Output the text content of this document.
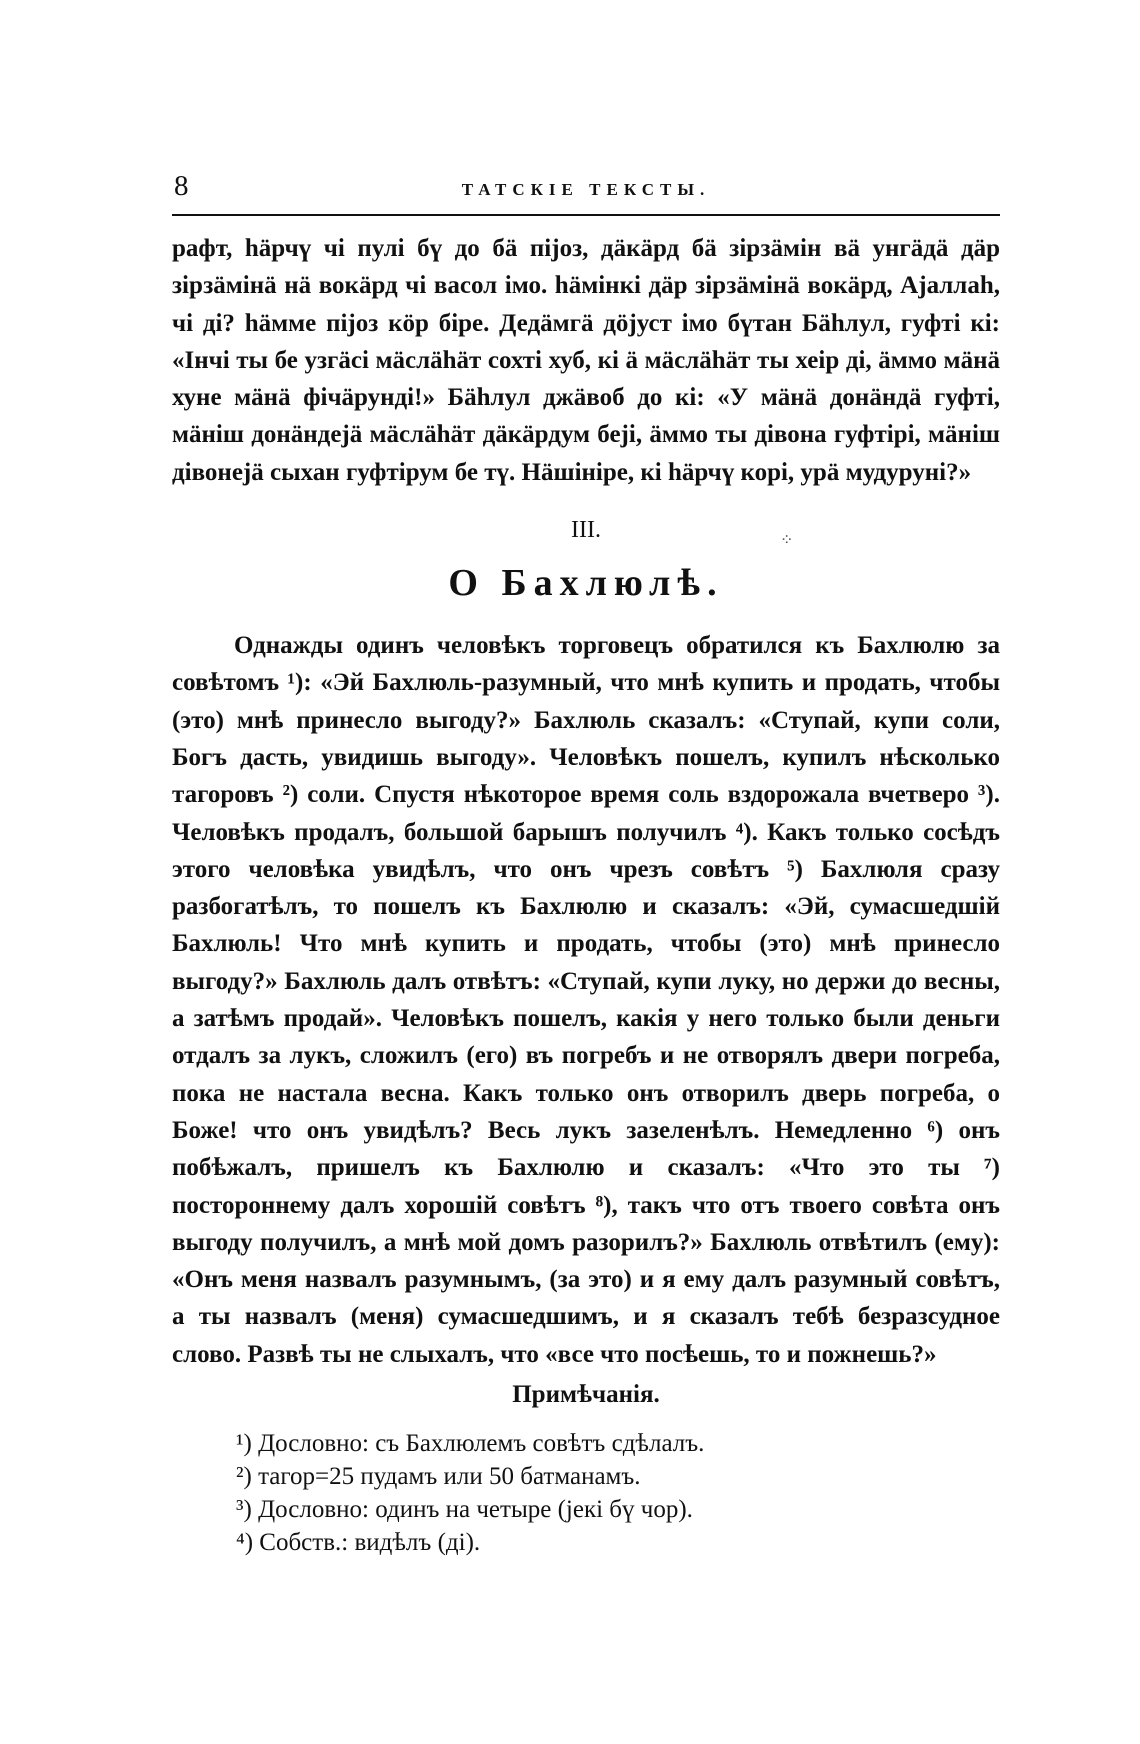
8	ТАТСКІЕ ТЕКСТЫ.

рафт, һӓрчү чі пулі бү до бӓ пijоз, дӓкӓрд бӓ зірзӓмін вӓ унгӓдӓ дӓр зірзӓмінӓ нӓ вокӓрд чі васол імо. һӓмінкі дӓр зірзӓмінӓ вокӓрд, Аjаллаһ, чі ді? һӓмме пijоз кӧр біре. Дедӓмгӓ дӧjуст імо бүтан Бӓһлул, гуфті кі: «Інчі ты бе узгӓсі мӓслӓһӓт сохті хуб, кі ӓ мӓслӓһӓт ты хеір ді, ӓммо мӓнӓ хуне мӓнӓ фічӓрунді!» Бӓһлул джӓвоб до кі: «У мӓнӓ донӓндӓ гуфті, мӓніш донӓндеjӓ мӓслӓһӓт дӓкӓрдум беjі, ӓммо ты дівона гуфтірі, мӓніш дівонеjӓ сыхан гуфтірум бе тү. Нӓшініре, кі һӓрчү корі, урӓ мудуруні?»

III.
О Бахлюлѣ.

Однажды одинъ человѣкъ торговецъ обратился къ Бахлюлю за совѣтомъ ¹): «Эй Бахлюль-разумный, что мнѣ купить и продать, чтобы (это) мнѣ принесло выгоду?» Бахлюль сказалъ: «Ступай, купи соли, Богъ дасть, увидишь выгоду». Человѣкъ пошелъ, купилъ нѣсколько тагоровъ ²) соли. Спустя нѣкоторое время соль вздорожала вчетверо ³). Человѣкъ продалъ, большой барышъ получилъ ⁴). Какъ только сосѣдъ этого человѣка увидѣлъ, что онъ чрезъ совѣтъ ⁵) Бахлюля сразу разбогатѣлъ, то пошелъ къ Бахлюлю и сказалъ: «Эй, сумасшедшій Бахлюль! Что мнѣ купить и продать, чтобы (это) мнѣ принесло выгоду?» Бахлюль далъ отвѣтъ: «Ступай, купи луку, но держи до весны, а затѣмъ продай». Человѣкъ пошелъ, какія у него только были деньги отдалъ за лукъ, сложилъ (его) въ погребъ и не отворялъ двери погреба, пока не настала весна. Какъ только онъ отворилъ дверь погреба, о Боже! что онъ увидѣлъ? Весь лукъ зазеленѣлъ. Немедленно ⁶) онъ побѣжалъ, пришелъ къ Бахлюлю и сказалъ: «Что это ты ⁷) постороннему далъ хорошій совѣтъ ⁸), такъ что отъ твоего совѣта онъ выгоду получилъ, а мнѣ мой домъ разорилъ?» Бахлюль отвѣтилъ (ему): «Онъ меня назвалъ разумнымъ, (за это) и я ему далъ разумный совѣтъ, а ты назвалъ (меня) сумасшедшимъ, и я сказалъ тебѣ безразсудное слово. Развѣ ты не слыхалъ, что «все что посѣешь, то и пожнешь?»

Примѣчанія.
¹) Дословно: съ Бахлюлемъ совѣтъ сдѣлалъ.
²) тагор=25 пудамъ или 50 батманамъ.
³) Дословно: одинъ на четыре (jекі бү чор).
⁴) Собств.: видѣлъ (ді).
⁘
